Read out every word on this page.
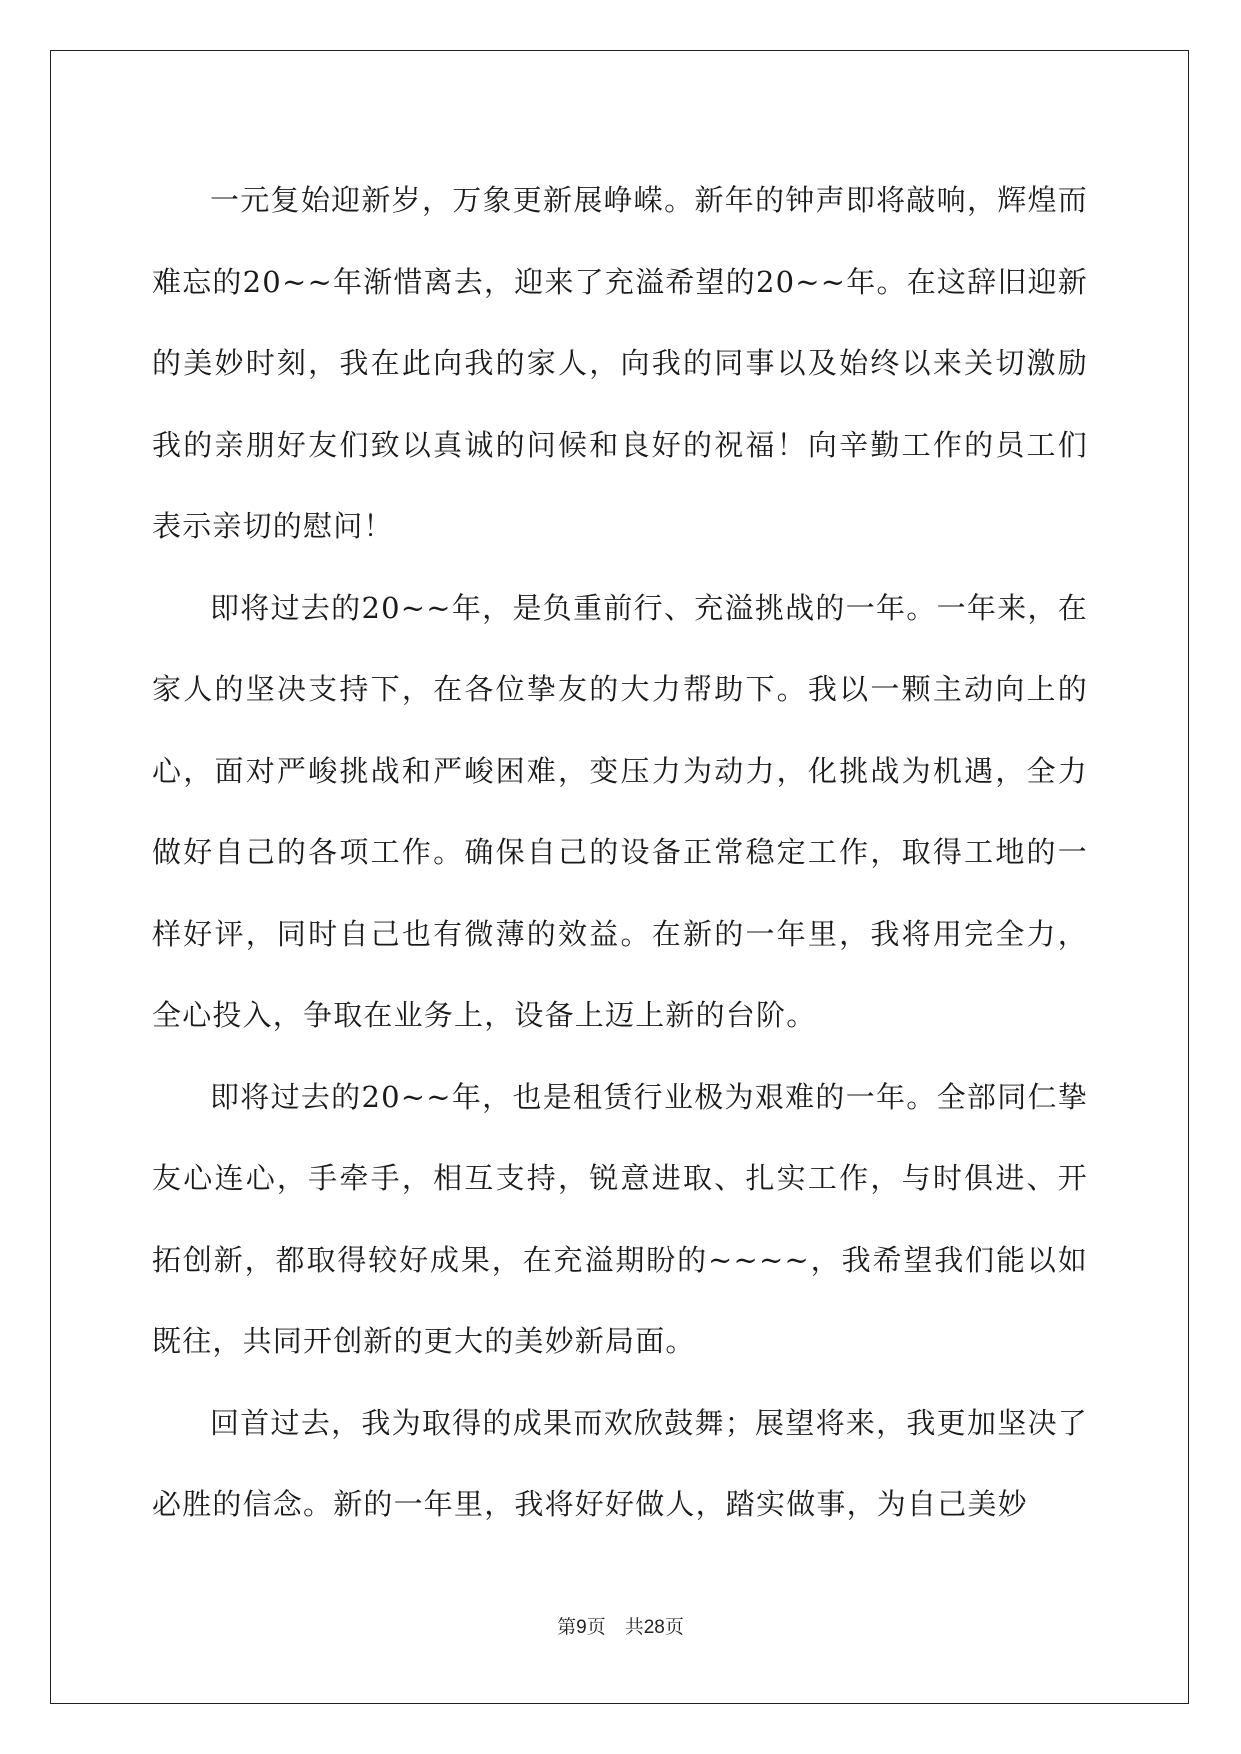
一元复始迎新岁，万象更新展峥嵘。新年的钟声即将敲响，辉煌而难忘的20~~年渐惜离去，迎来了充溢希望的20~~年。在这辞旧迎新的美妙时刻，我在此向我的家人，向我的同事以及始终以来关切激励我的亲朋好友们致以真诚的问候和良好的祝福！向辛勤工作的员工们表示亲切的慰问！

即将过去的20~~年，是负重前行、充溢挑战的一年。一年来，在家人的坚决支持下，在各位挚友的大力帮助下。我以一颗主动向上的心，面对严峻挑战和严峻困难，变压力为动力，化挑战为机遇，全力做好自己的各项工作。确保自己的设备正常稳定工作，取得工地的一样好评，同时自己也有微薄的效益。在新的一年里，我将用完全力，全心投入，争取在业务上，设备上迈上新的台阶。

即将过去的20~~年，也是租赁行业极为艰难的一年。全部同仁挚友心连心，手牵手，相互支持，锐意进取、扎实工作，与时俱进、开拓创新，都取得较好成果，在充溢期盼的~~~~，我希望我们能以如既往，共同开创新的更大的美妙新局面。

回首过去，我为取得的成果而欢欣鼓舞；展望将来，我更加坚决了必胜的信念。新的一年里，我将好好做人，踏实做事，为自己美妙

第9页　共28页
